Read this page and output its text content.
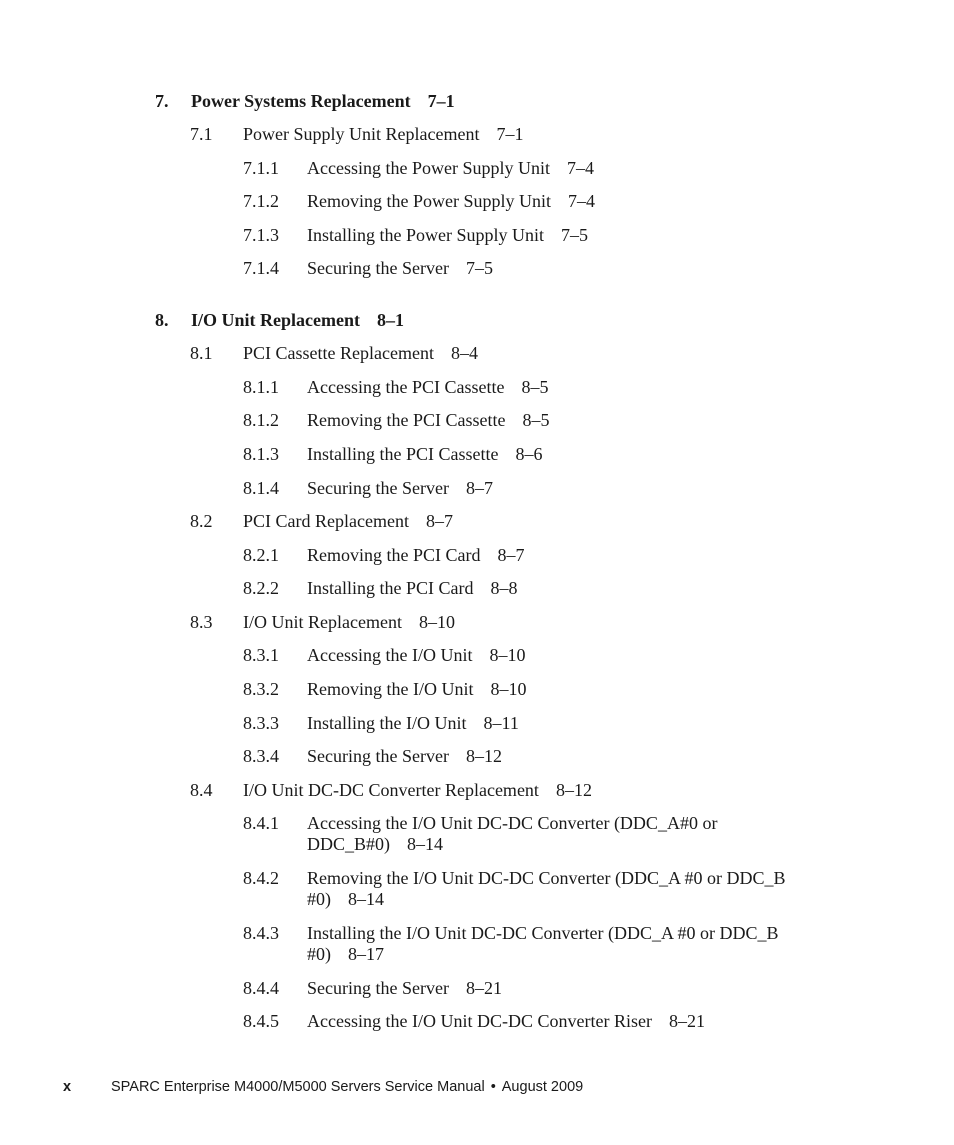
7. Power Systems Replacement 7–1
7.1 Power Supply Unit Replacement 7–1
7.1.1 Accessing the Power Supply Unit 7–4
7.1.2 Removing the Power Supply Unit 7–4
7.1.3 Installing the Power Supply Unit 7–5
7.1.4 Securing the Server 7–5
8. I/O Unit Replacement 8–1
8.1 PCI Cassette Replacement 8–4
8.1.1 Accessing the PCI Cassette 8–5
8.1.2 Removing the PCI Cassette 8–5
8.1.3 Installing the PCI Cassette 8–6
8.1.4 Securing the Server 8–7
8.2 PCI Card Replacement 8–7
8.2.1 Removing the PCI Card 8–7
8.2.2 Installing the PCI Card 8–8
8.3 I/O Unit Replacement 8–10
8.3.1 Accessing the I/O Unit 8–10
8.3.2 Removing the I/O Unit 8–10
8.3.3 Installing the I/O Unit 8–11
8.3.4 Securing the Server 8–12
8.4 I/O Unit DC-DC Converter Replacement 8–12
8.4.1 Accessing the I/O Unit DC-DC Converter (DDC_A#0 or
DDC_B#0) 8–14
8.4.2 Removing the I/O Unit DC-DC Converter (DDC_A #0 or DDC_B
#0) 8–14
8.4.3 Installing the I/O Unit DC-DC Converter (DDC_A #0 or DDC_B
#0) 8–17
8.4.4 Securing the Server 8–21
8.4.5 Accessing the I/O Unit DC-DC Converter Riser 8–21
x	SPARC Enterprise M4000/M5000 Servers Service Manual • August 2009
